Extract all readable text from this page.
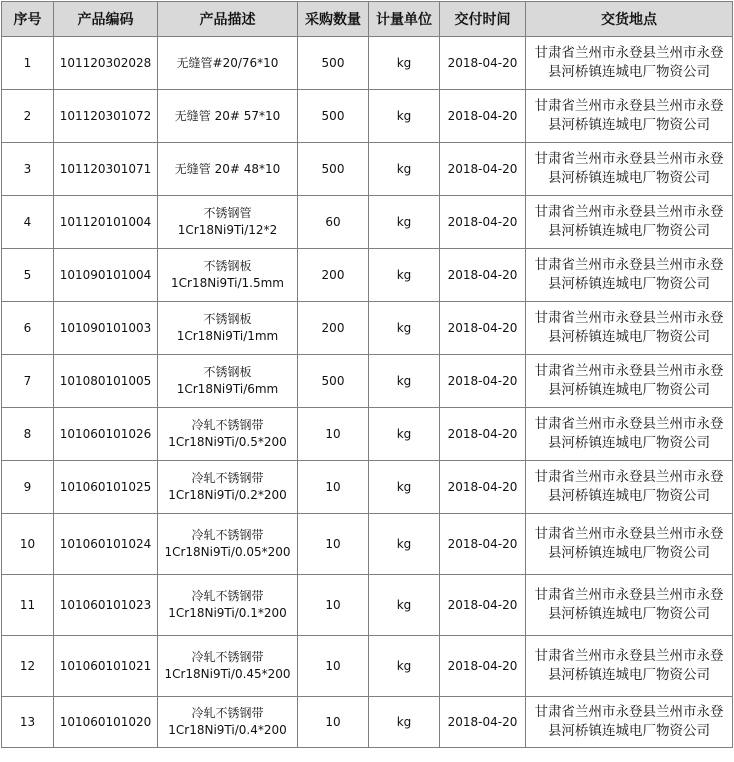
序号	产品编码	产品描述	采购数量	计量单位	交付时间	交货地点
1	101120302028	无缝管#20/76*10	500	kg	2018-04-20	甘肃省兰州市永登县兰州市永登县河桥镇连城电厂物资公司
2	101120301072	无缝管 20# 57*10	500	kg	2018-04-20	甘肃省兰州市永登县兰州市永登县河桥镇连城电厂物资公司
3	101120301071	无缝管 20# 48*10	500	kg	2018-04-20	甘肃省兰州市永登县兰州市永登县河桥镇连城电厂物资公司
4	101120101004	不锈钢管 1Cr18Ni9Ti/12*2	60	kg	2018-04-20	甘肃省兰州市永登县兰州市永登县河桥镇连城电厂物资公司
5	101090101004	不锈钢板 1Cr18Ni9Ti/1.5mm	200	kg	2018-04-20	甘肃省兰州市永登县兰州市永登县河桥镇连城电厂物资公司
6	101090101003	不锈钢板 1Cr18Ni9Ti/1mm	200	kg	2018-04-20	甘肃省兰州市永登县兰州市永登县河桥镇连城电厂物资公司
7	101080101005	不锈钢板 1Cr18Ni9Ti/6mm	500	kg	2018-04-20	甘肃省兰州市永登县兰州市永登县河桥镇连城电厂物资公司
8	101060101026	冷轧不锈钢带 1Cr18Ni9Ti/0.5*200	10	kg	2018-04-20	甘肃省兰州市永登县兰州市永登县河桥镇连城电厂物资公司
9	101060101025	冷轧不锈钢带 1Cr18Ni9Ti/0.2*200	10	kg	2018-04-20	甘肃省兰州市永登县兰州市永登县河桥镇连城电厂物资公司
10	101060101024	冷轧不锈钢带 1Cr18Ni9Ti/0.05*200	10	kg	2018-04-20	甘肃省兰州市永登县兰州市永登县河桥镇连城电厂物资公司
11	101060101023	冷轧不锈钢带 1Cr18Ni9Ti/0.1*200	10	kg	2018-04-20	甘肃省兰州市永登县兰州市永登县河桥镇连城电厂物资公司
12	101060101021	冷轧不锈钢带 1Cr18Ni9Ti/0.45*200	10	kg	2018-04-20	甘肃省兰州市永登县兰州市永登县河桥镇连城电厂物资公司
13	101060101020	冷轧不锈钢带 1Cr18Ni9Ti/0.4*200	10	kg	2018-04-20	甘肃省兰州市永登县兰州市永登县河桥镇连城电厂物资公司
